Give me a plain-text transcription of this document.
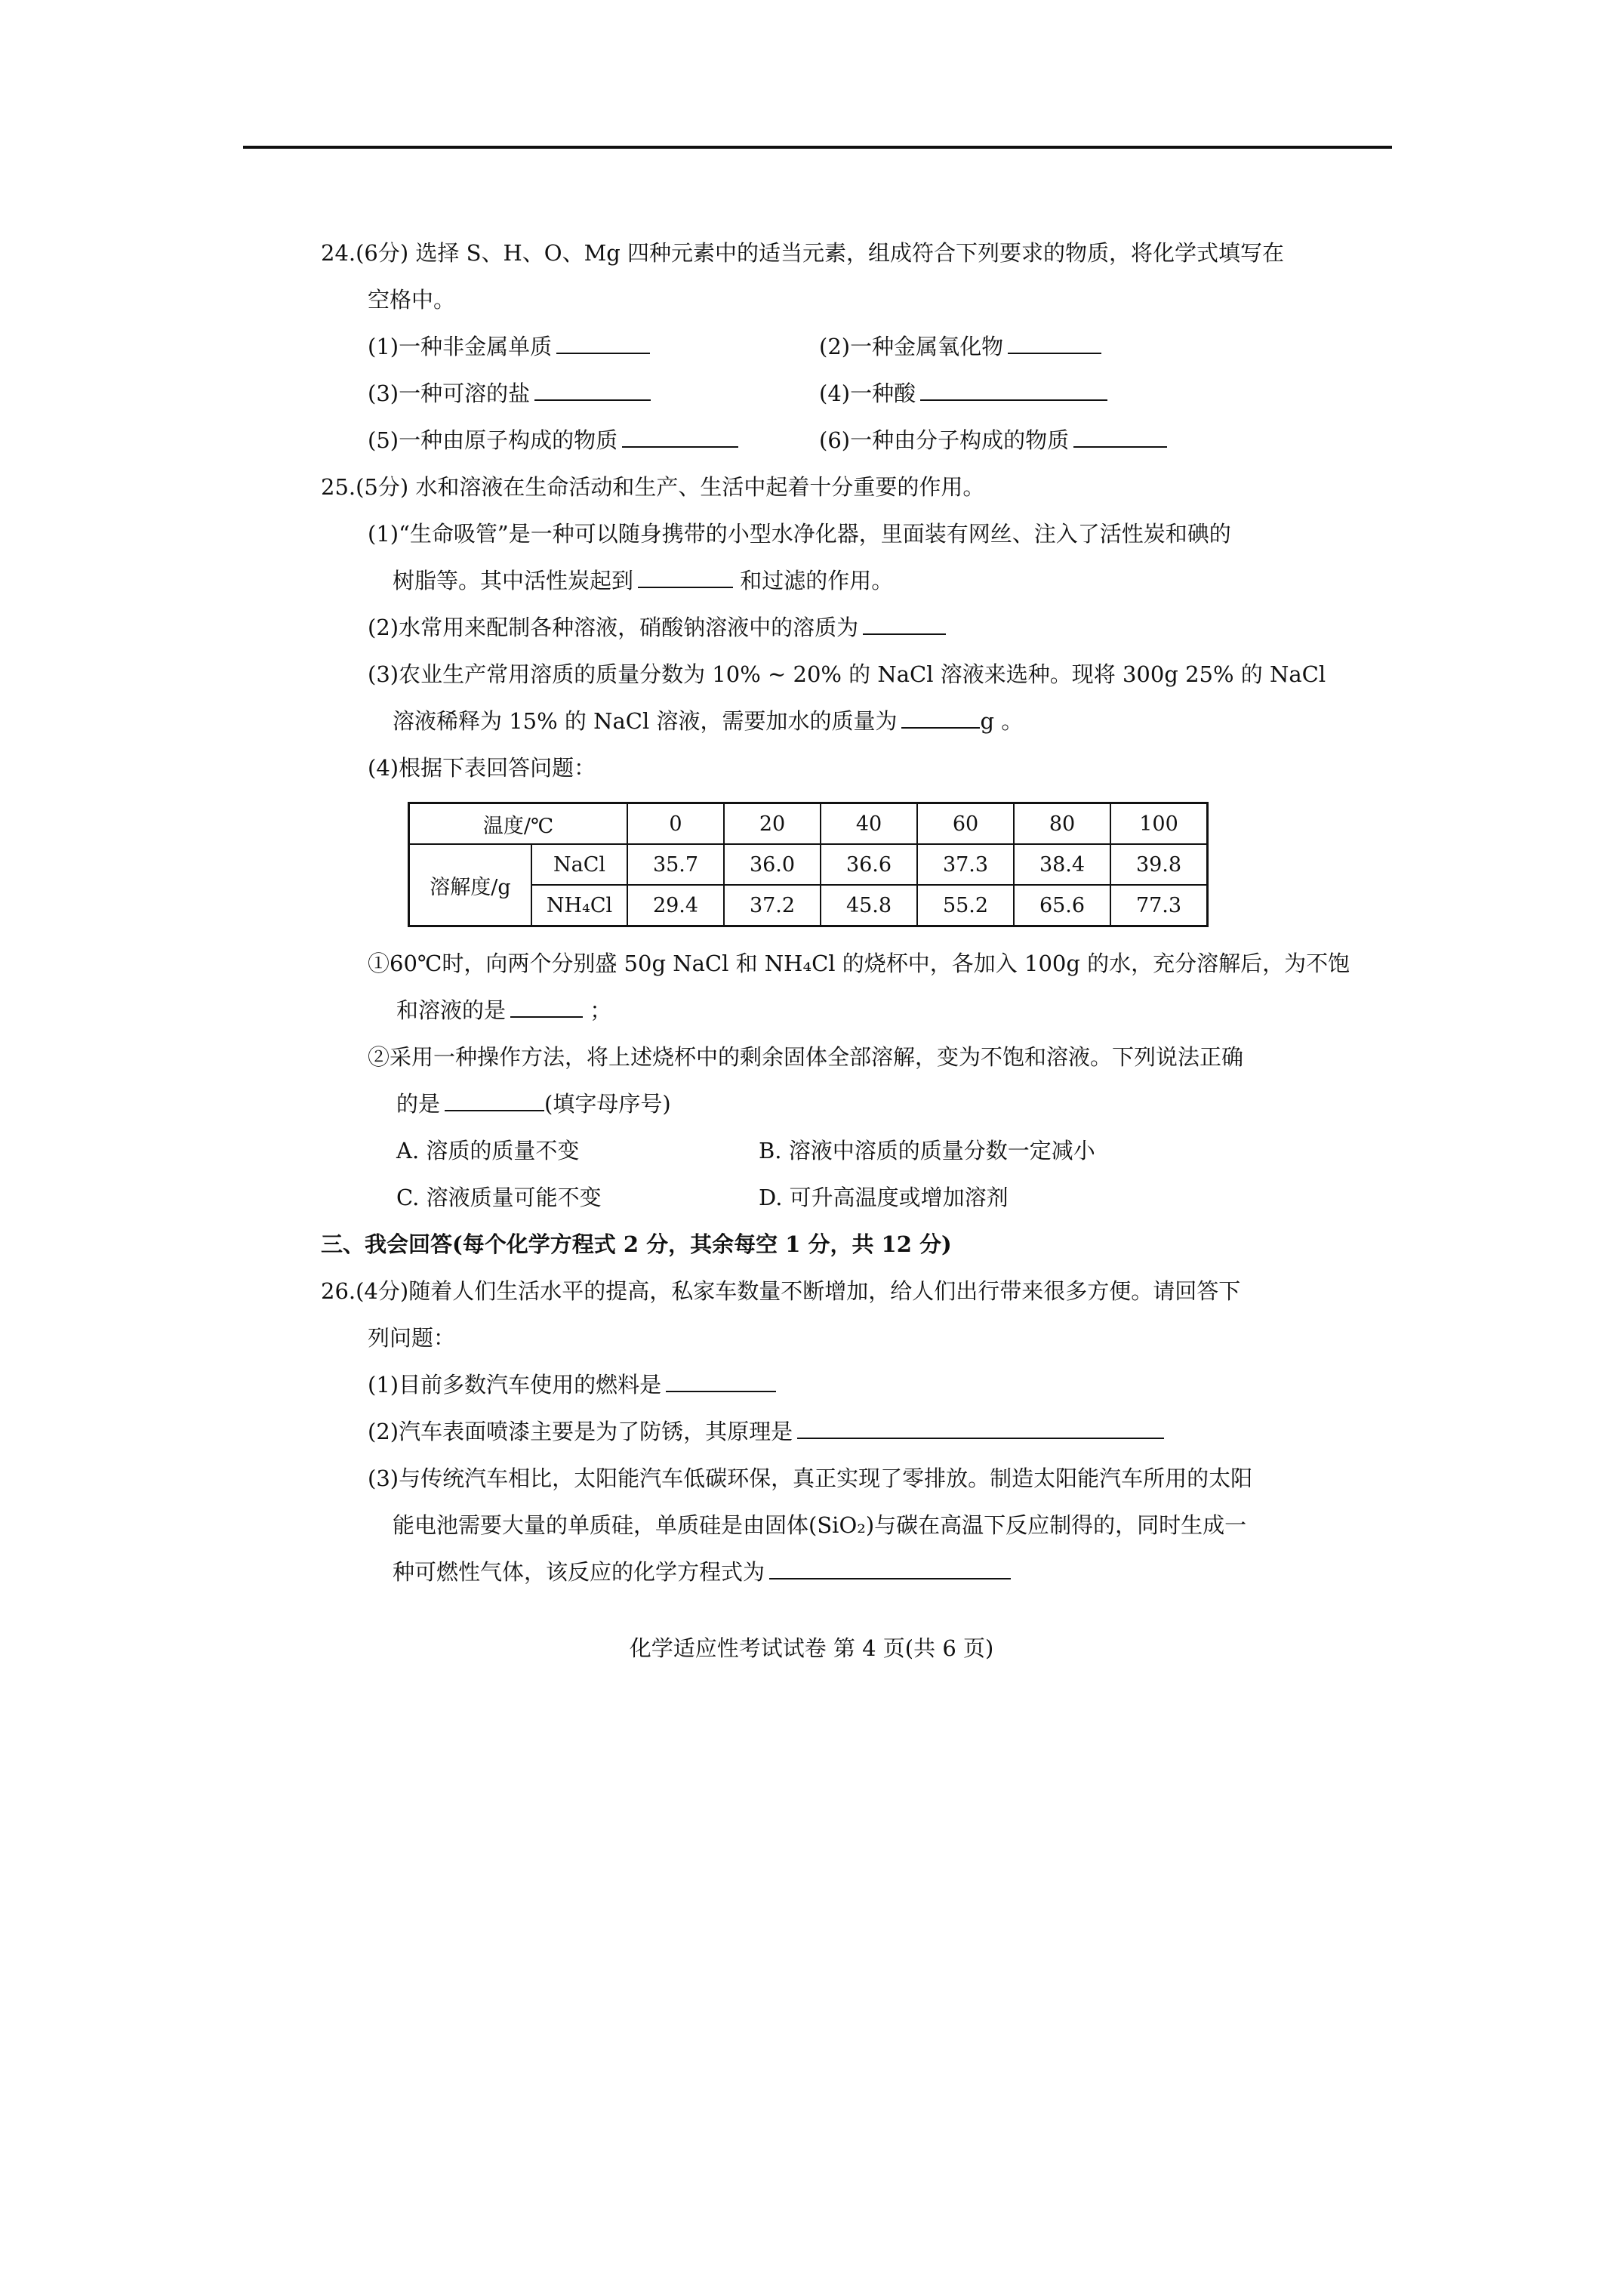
24.(6分) 选择 S、H、O、Mg 四种元素中的适当元素，组成符合下列要求的物质，将化学式填写在
空格中。
(1)一种非金属单质	(2)一种金属氧化物
(3)一种可溶的盐	(4)一种酸
(5)一种由原子构成的物质	(6)一种由分子构成的物质
25.(5分) 水和溶液在生命活动和生产、生活中起着十分重要的作用。
(1)“生命吸管”是一种可以随身携带的小型水净化器，里面装有网丝、注入了活性炭和碘的
树脂等。其中活性炭起到	和过滤的作用。
(2)水常用来配制各种溶液，硝酸钠溶液中的溶质为
(3)农业生产常用溶质的质量分数为 10% ~ 20% 的 NaCl 溶液来选种。现将 300g 25% 的 NaCl
溶液稀释为 15% 的 NaCl 溶液，需要加水的质量为	g 。
(4)根据下表回答问题：
温度/℃		0	20	40	60	80	100
溶解度/g	NaCl	35.7	36.0	36.6	37.3	38.4	39.8
	NH₄Cl	29.4	37.2	45.8	55.2	65.6	77.3
①60℃时，向两个分别盛 50g NaCl 和 NH₄Cl 的烧杯中，各加入 100g 的水，充分溶解后，为不饱
和溶液的是	；
②采用一种操作方法，将上述烧杯中的剩余固体全部溶解，变为不饱和溶液。下列说法正确
的是	(填字母序号)
A. 溶质的质量不变	B. 溶液中溶质的质量分数一定减小
C. 溶液质量可能不变	D. 可升高温度或增加溶剂
三、我会回答(每个化学方程式 2 分，其余每空 1 分，共 12 分)
26.(4分)随着人们生活水平的提高，私家车数量不断增加，给人们出行带来很多方便。请回答下
列问题：
(1)目前多数汽车使用的燃料是
(2)汽车表面喷漆主要是为了防锈，其原理是
(3)与传统汽车相比，太阳能汽车低碳环保，真正实现了零排放。制造太阳能汽车所用的太阳
能电池需要大量的单质硅，单质硅是由固体(SiO₂)与碳在高温下反应制得的，同时生成一
种可燃性气体，该反应的化学方程式为
化学适应性考试试卷 第 4 页(共 6 页)
